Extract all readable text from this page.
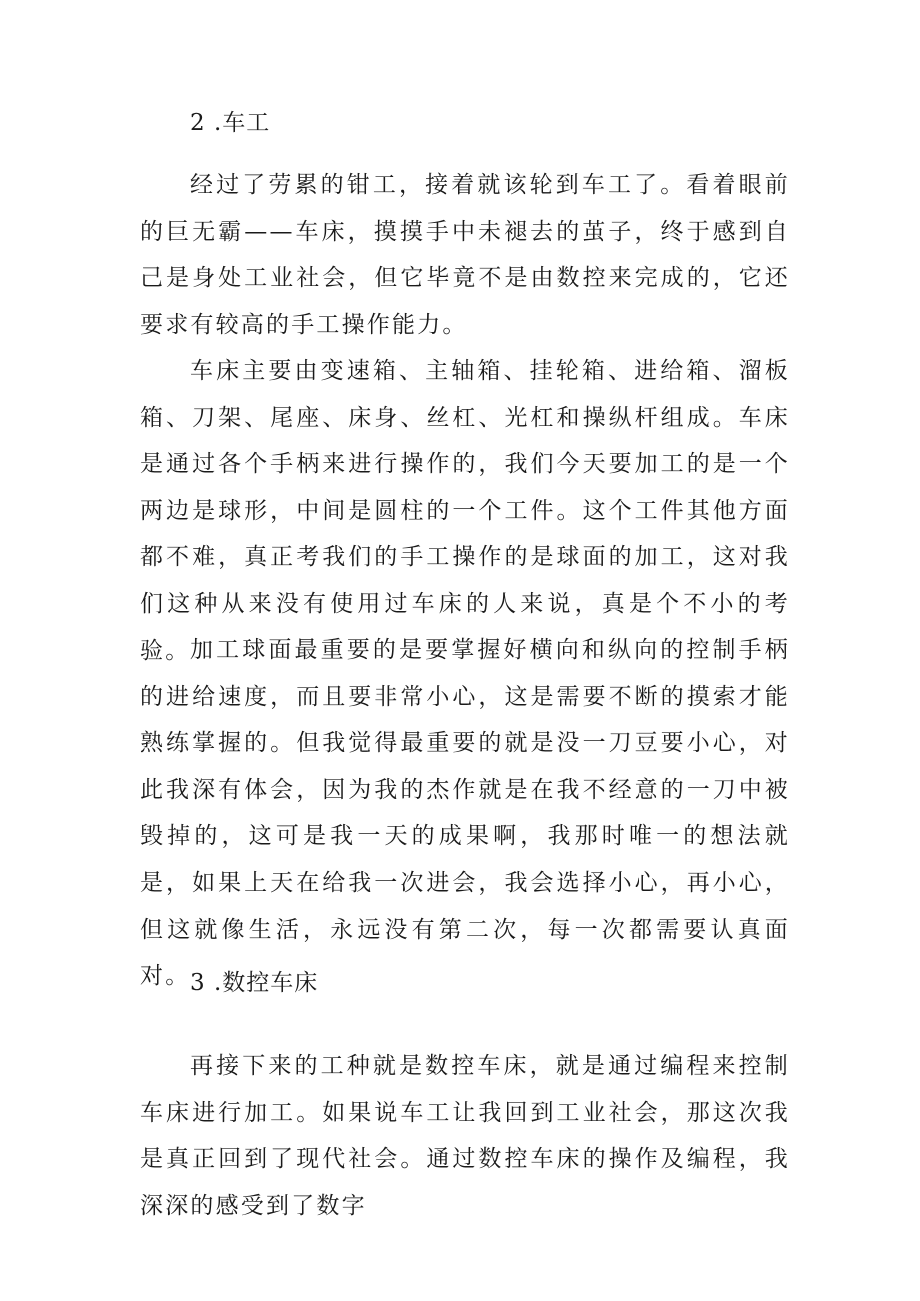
2 .车工

经过了劳累的钳工，接着就该轮到车工了。看着眼前的巨无霸——车床，摸摸手中未褪去的茧子，终于感到自己是身处工业社会，但它毕竟不是由数控来完成的，它还要求有较高的手工操作能力。

车床主要由变速箱、主轴箱、挂轮箱、进给箱、溜板箱、刀架、尾座、床身、丝杠、光杠和操纵杆组成。车床是通过各个手柄来进行操作的，我们今天要加工的是一个两边是球形，中间是圆柱的一个工件。这个工件其他方面都不难，真正考我们的手工操作的是球面的加工，这对我们这种从来没有使用过车床的人来说，真是个不小的考验。 加工球面最重要的是要掌握好横向和纵向的控制手柄的进给速度，而且要非常小心，这是需要不断的摸索才能熟练掌握的。但我觉得最重要的就是没一刀豆要小心，对此我深有体会，因为我的杰作就是在我不经意的一刀中被毁掉的，这可是我一天的成果啊，我那时唯一的想法就是，如果上天在给我一次进会，我会选择小心，再小心，但这就像生活，永远没有第二次，每一次都需要认真面对。 3 .数控车床

再接下来的工种就是数控车床，就是通过编程来控制车床进行加工。如果说车工让我回到工业社会，那这次我是真正回到了现代社会。通过数控车床的操作及编程，我深深的感受到了数字
